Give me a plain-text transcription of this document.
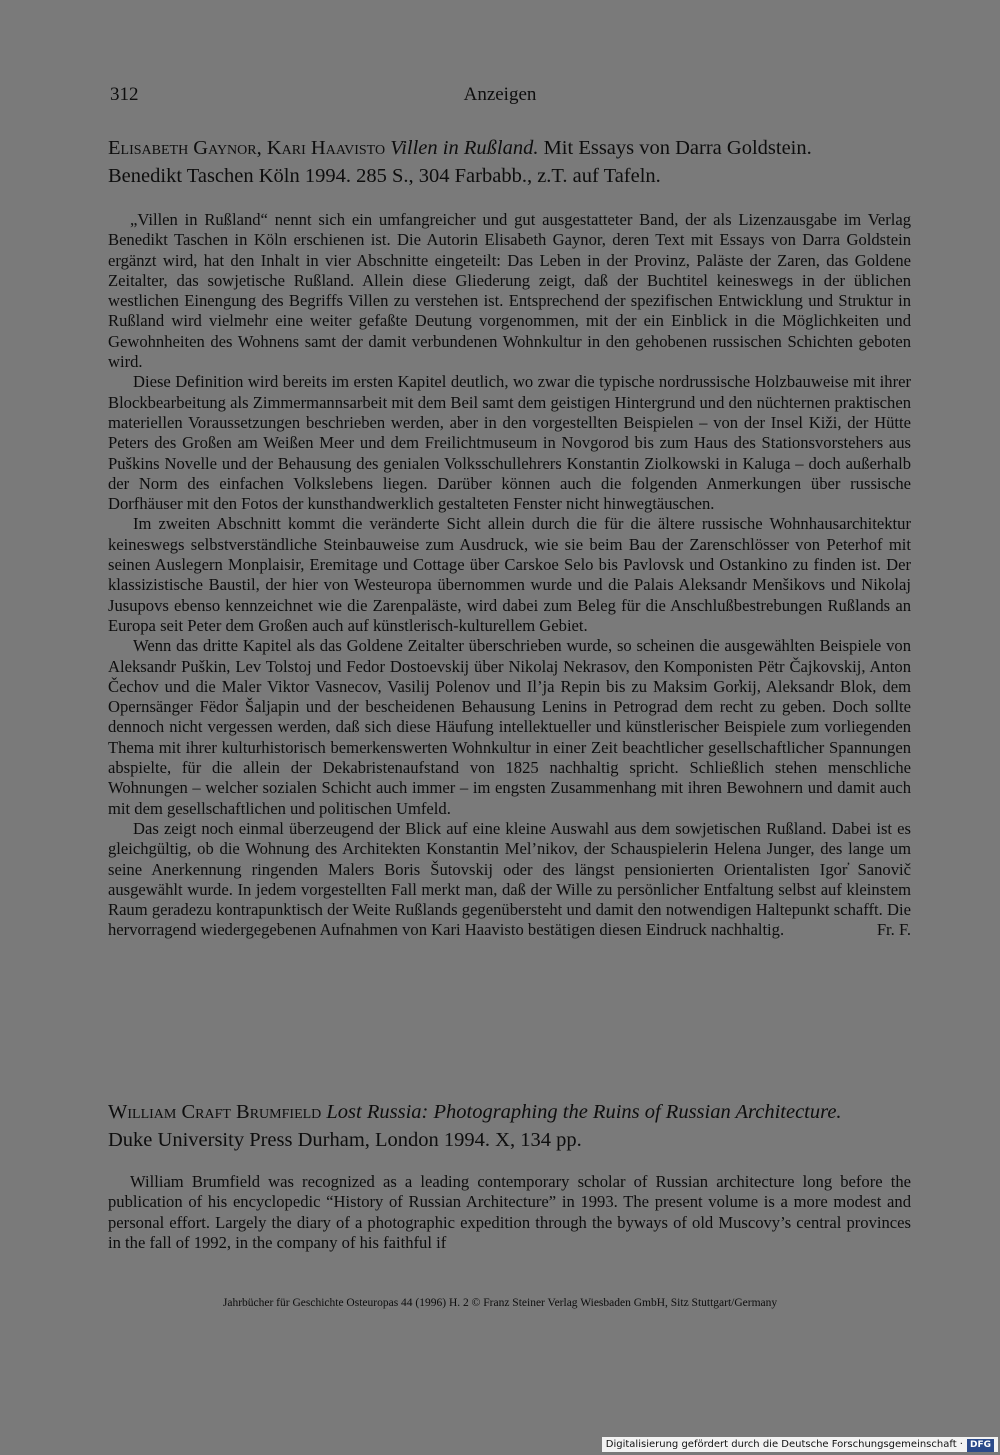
312	Anzeigen
Elisabeth Gaynor, Kari Haavisto Villen in Rußland. Mit Essays von Darra Goldstein.
Benedikt Taschen Köln 1994. 285 S., 304 Farbabb., z.T. auf Tafeln.

„Villen in Rußland“ nennt sich ein umfangreicher und gut ausgestatteter Band, der als Lizenzausgabe im Verlag Benedikt Taschen in Köln erschienen ist. Die Autorin Elisabeth Gaynor, deren Text mit Essays von Darra Goldstein ergänzt wird, hat den Inhalt in vier Abschnitte eingeteilt: Das Leben in der Provinz, Paläste der Zaren, das Goldene Zeitalter, das sowjetische Rußland. Allein diese Gliederung zeigt, daß der Buchtitel keineswegs in der üblichen westlichen Einengung des Begriffs Villen zu verstehen ist. Entsprechend der spezifischen Entwicklung und Struktur in Rußland wird vielmehr eine weiter gefaßte Deutung vorgenommen, mit der ein Einblick in die Möglichkeiten und Gewohnheiten des Wohnens samt der damit verbundenen Wohnkultur in den gehobenen russischen Schichten geboten wird.

Diese Definition wird bereits im ersten Kapitel deutlich, wo zwar die typische nordrussische Holzbauweise mit ihrer Blockbearbeitung als Zimmermannsarbeit mit dem Beil samt dem geistigen Hintergrund und den nüchternen praktischen materiellen Voraussetzungen beschrieben werden, aber in den vorgestellten Beispielen – von der Insel Kiži, der Hütte Peters des Großen am Weißen Meer und dem Freilichtmuseum in Novgorod bis zum Haus des Stationsvorstehers aus Puškins Novelle und der Behausung des genialen Volksschullehrers Konstantin Ziolkowski in Kaluga – doch außerhalb der Norm des einfachen Volkslebens liegen. Darüber können auch die folgenden Anmerkungen über russische Dorfhäuser mit den Fotos der kunsthandwerklich gestalteten Fenster nicht hinwegtäuschen.

Im zweiten Abschnitt kommt die veränderte Sicht allein durch die für die ältere russische Wohnhausarchitektur keineswegs selbstverständliche Steinbauweise zum Ausdruck, wie sie beim Bau der Zarenschlösser von Peterhof mit seinen Auslegern Monplaisir, Eremitage und Cottage über Carskoe Selo bis Pavlovsk und Ostankino zu finden ist. Der klassizistische Baustil, der hier von Westeuropa übernommen wurde und die Palais Aleksandr Menšikovs und Nikolaj Jusupovs ebenso kennzeichnet wie die Zarenpaläste, wird dabei zum Beleg für die Anschlußbestrebungen Rußlands an Europa seit Peter dem Großen auch auf künstlerisch-kulturellem Gebiet.

Wenn das dritte Kapitel als das Goldene Zeitalter überschrieben wurde, so scheinen die ausgewählten Beispiele von Aleksandr Puškin, Lev Tolstoj und Fedor Dostoevskij über Nikolaj Nekrasov, den Komponisten Pëtr Čajkovskij, Anton Čechov und die Maler Viktor Vasnecov, Vasilij Polenov und Il’ja Repin bis zu Maksim Gor̕kij, Aleksandr Blok, dem Opernsänger Fëdor Šaljapin und der bescheidenen Behausung Lenins in Petrograd dem recht zu geben. Doch sollte dennoch nicht vergessen werden, daß sich diese Häufung intellektueller und künstlerischer Beispiele zum vorliegenden Thema mit ihrer kulturhistorisch bemerkenswerten Wohnkultur in einer Zeit beachtlicher gesellschaftlicher Spannungen abspielte, für die allein der Dekabristenaufstand von 1825 nachhaltig spricht. Schließlich stehen menschliche Wohnungen – welcher sozialen Schicht auch immer – im engsten Zusammenhang mit ihren Bewohnern und damit auch mit dem gesellschaftlichen und politischen Umfeld.

Das zeigt noch einmal überzeugend der Blick auf eine kleine Auswahl aus dem sowjetischen Rußland. Dabei ist es gleichgültig, ob die Wohnung des Architekten Konstantin Mel’nikov, der Schauspielerin Helena Junger, des lange um seine Anerkennung ringenden Malers Boris Šutovskij oder des längst pensionierten Orientalisten Igor̕ Sanovič ausgewählt wurde. In jedem vorgestellten Fall merkt man, daß der Wille zu persönlicher Entfaltung selbst auf kleinstem Raum geradezu kontrapunktisch der Weite Rußlands gegenübersteht und damit den notwendigen Haltepunkt schafft. Die hervorragend wiedergegebenen Aufnahmen von Kari Haavisto bestätigen diesen Eindruck nachhaltig.	Fr. F.

William Craft Brumfield Lost Russia: Photographing the Ruins of Russian Architecture.
Duke University Press Durham, London 1994. X, 134 pp.

William Brumfield was recognized as a leading contemporary scholar of Russian architecture long before the publication of his encyclopedic “History of Russian Architecture” in 1993. The present volume is a more modest and personal effort. Largely the diary of a photographic expedition through the byways of old Muscovy’s central provinces in the fall of 1992, in the company of his faithful if

Jahrbücher für Geschichte Osteuropas 44 (1996) H. 2 © Franz Steiner Verlag Wiesbaden GmbH, Sitz Stuttgart/Germany
Digitalisierung gefördert durch die Deutsche Forschungsgemeinschaft · DFG
